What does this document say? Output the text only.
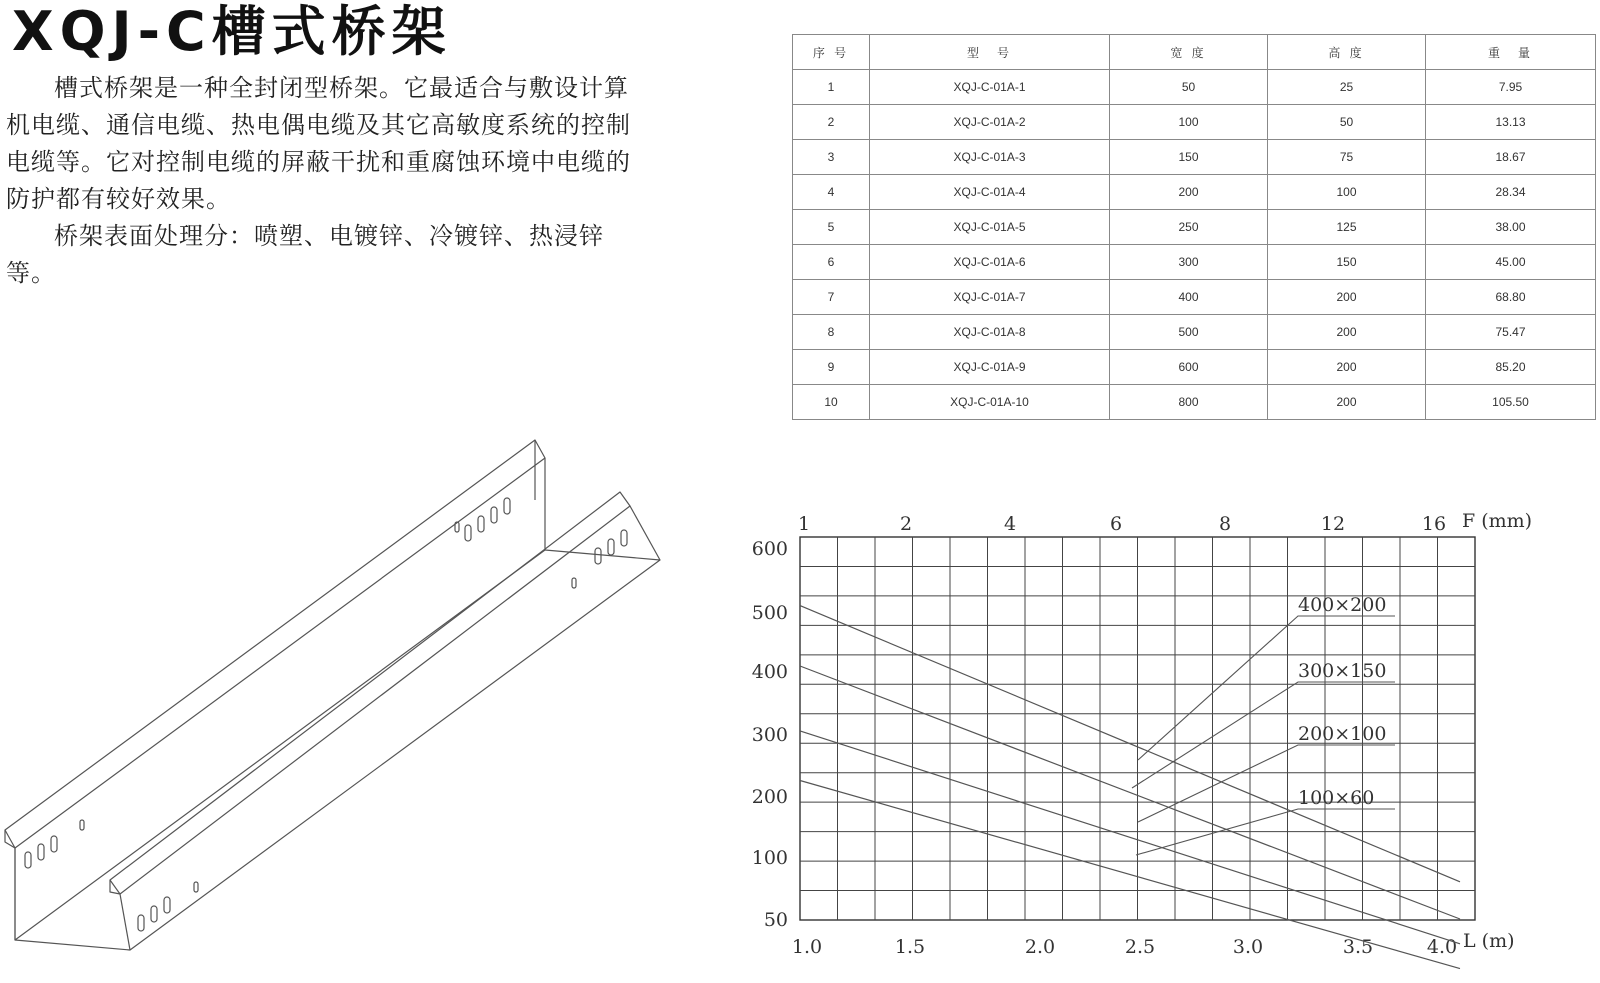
XQJ-C槽式桥架

槽式桥架是一种全封闭型桥架。它最适合与敷设计算机电缆、通信电缆、热电偶电缆及其它高敏度系统的控制电缆等。它对控制电缆的屏蔽干扰和重腐蚀环境中电缆的防护都有较好效果。

桥架表面处理分：喷塑、电镀锌、冷镀锌、热浸锌等。

序 号	型　号	宽 度	高 度	重　量
1	XQJ-C-01A-1	50	25	7.95
2	XQJ-C-01A-2	100	50	13.13
3	XQJ-C-01A-3	150	75	18.67
4	XQJ-C-01A-4	200	100	28.34
5	XQJ-C-01A-5	250	125	38.00
6	XQJ-C-01A-6	300	150	45.00
7	XQJ-C-01A-7	400	200	68.80
8	XQJ-C-01A-8	500	200	75.47
9	XQJ-C-01A-9	600	200	85.20
10	XQJ-C-01A-10	800	200	105.50
1.0	1.5	2.0	2.5	3.0	3.5	4.0
600
500
400
300
200
100
50
1	2	4	6	8	12	16
400×200
300×150
200×100
100×60
L (m)
F (mm)
